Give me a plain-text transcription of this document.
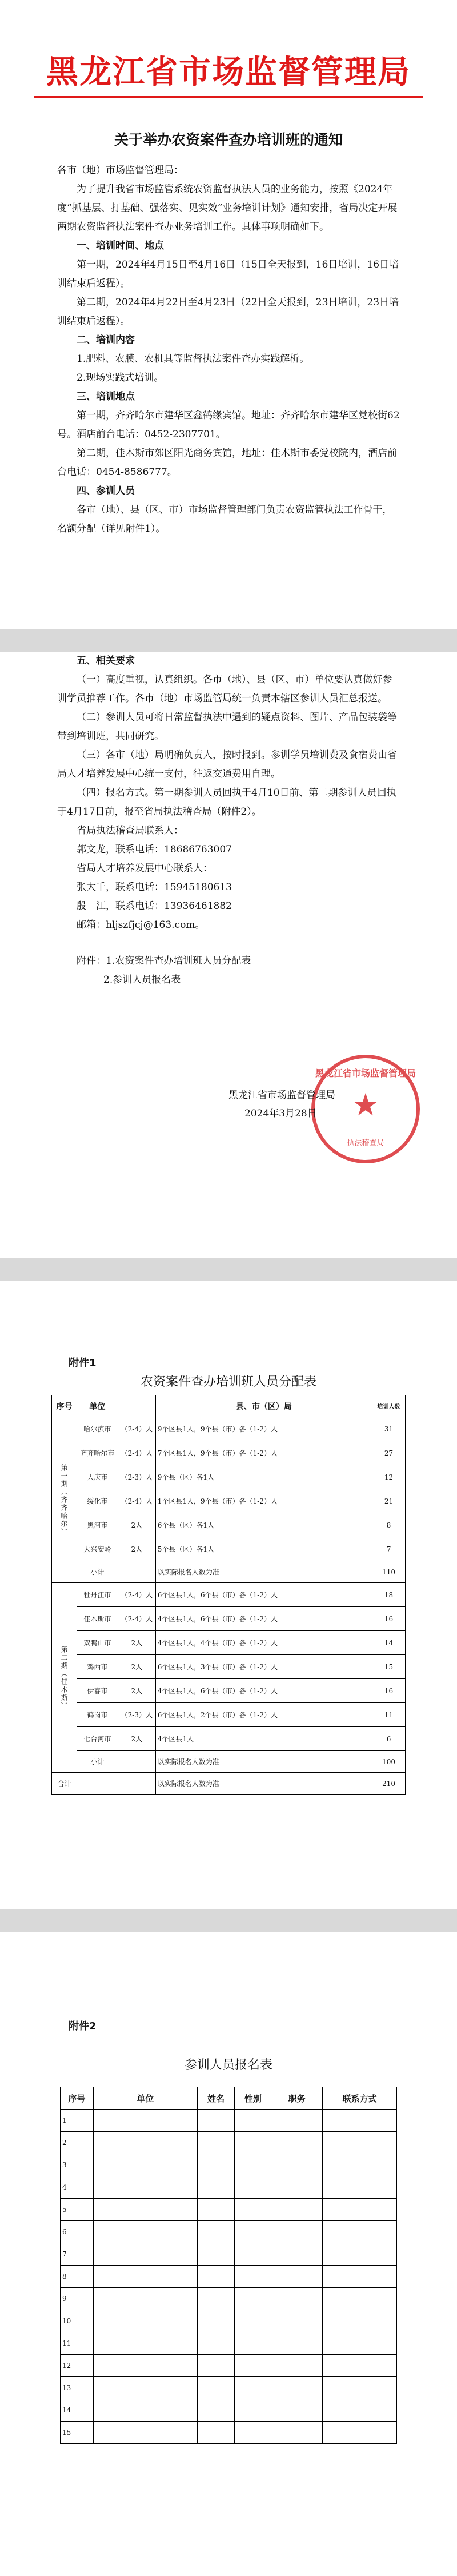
黑龙江省市场监督管理局
关于举办农资案件查办培训班的通知

各市（地）市场监督管理局：

为了提升我省市场监管系统农资监督执法人员的业务能力，按照《2024年度“抓基层、打基础、强落实、见实效”业务培训计划》通知安排，省局决定开展两期农资监督执法案件查办业务培训工作。具体事项明确如下。

一、培训时间、地点

第一期，2024年4月15日至4月16日（15日全天报到，16日培训，16日培训结束后返程）。

第二期，2024年4月22日至4月23日（22日全天报到，23日培训，23日培训结束后返程）。

二、培训内容

1.肥料、农膜、农机具等监督执法案件查办实践解析。

2.现场实践式培训。

三、培训地点

第一期，齐齐哈尔市建华区鑫鹤缘宾馆。地址：齐齐哈尔市建华区党校街62号。酒店前台电话：0452-2307701。

第二期，佳木斯市郊区阳光商务宾馆，地址：佳木斯市委党校院内，酒店前台电话：0454-8586777。

四、参训人员

各市（地）、县（区、市）市场监督管理部门负责农资监管执法工作骨干，名额分配（详见附件1）。

五、相关要求

（一）高度重视，认真组织。各市（地）、县（区、市）单位要认真做好参训学员推荐工作。各市（地）市场监管局统一负责本辖区参训人员汇总报送。

（二）参训人员可将日常监督执法中遇到的疑点资料、图片、产品包装袋等带到培训班，共同研究。

（三）各市（地）局明确负责人，按时报到。参训学员培训费及食宿费由省局人才培养发展中心统一支付，往返交通费用自理。

（四）报名方式。第一期参训人员回执于4月10日前、第二期参训人员回执于4月17日前，报至省局执法稽查局（附件2）。

省局执法稽查局联系人：

郭文龙，联系电话：18686763007

省局人才培养发展中心联系人：

张大千，联系电话：15945180613

殷　江，联系电话：13936461882

邮箱：hljszfjcj@163.com。

附件：1.农资案件查办培训班人员分配表

2.参训人员报名表

黑龙江省市场监督管理局
★
执法稽查局
黑龙江省市场监督管理局
2024年3月28日
附件1
农资案件查办培训班人员分配表
序号	单位		县、市（区）局	培训人数

第一期（齐齐哈尔）	哈尔滨市	（2-4）人	9个区县1人，9个县（市）各（1-2）人	31
	齐齐哈尔市	（2-4）人	7个区县1人，9个县（市）各（1-2）人	27
	大庆市	（2-3）人	9个县（区）各1人	12
	绥化市	（2-4）人	1个区县1人，9个县（市）各（1-2）人	21
	黑河市	2人	6个县（区）各1人	8
	大兴安岭	2人	5个县（区）各1人	7
	小计		以实际报名人数为准	110

第二期（佳木斯）	牡丹江市	（2-4）人	6个区县1人，6个县（市）各（1-2）人	18
	佳木斯市	（2-4）人	4个区县1人，6个县（市）各（1-2）人	16
	双鸭山市	2人	4个区县1人，4个县（市）各（1-2）人	14
	鸡西市	2人	6个区县1人，3个县（市）各（1-2）人	15
	伊春市	2人	4个区县1人，6个县（市）各（1-2）人	16
	鹤岗市	（2-3）人	6个区县1人，2个县（市）各（1-2）人	11
	七台河市	2人	4个区县1人	6
	小计		以实际报名人数为准	100
合计			以实际报名人数为准	210
附件2
参训人员报名表
序号	单位	姓名	性别	职务	联系方式
1					
2					
3					
4					
5					
6					
7					
8					
9					
10					
11					
12					
13					
14					
15					
